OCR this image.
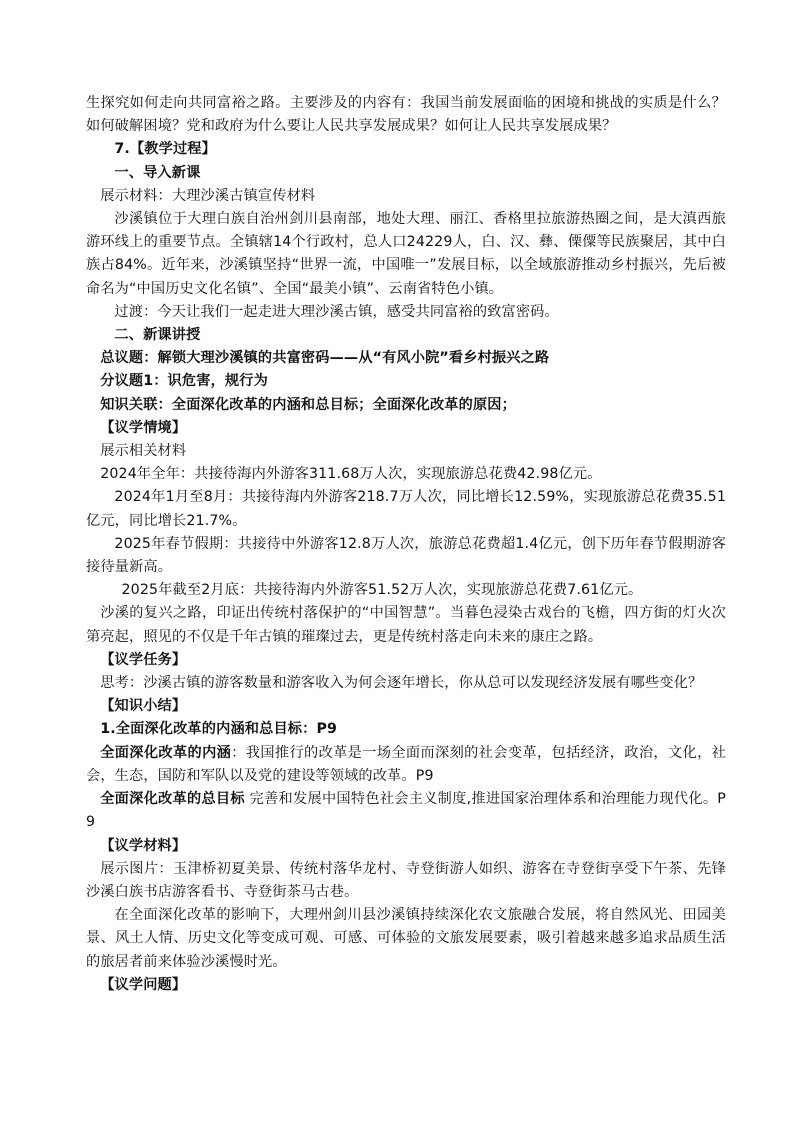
生探究如何走向共同富裕之路。主要涉及的内容有：我国当前发展面临的困境和挑战的实质是什么？如何破解困境？党和政府为什么要让人民共享发展成果？如何让人民共享发展成果？

7.【教学过程】

一、导入新课

展示材料：大理沙溪古镇宣传材料

沙溪镇位于大理白族自治州剑川县南部，地处大理、丽江、香格里拉旅游热圈之间，是大滇西旅游环线上的重要节点。全镇辖14个行政村，总人口24229人，白、汉、彝、傈僳等民族聚居，其中白族占84%。近年来，沙溪镇坚持“世界一流，中国唯一”发展目标，以全域旅游推动乡村振兴，先后被命名为“中国历史文化名镇”、全国“最美小镇”、云南省特色小镇。

过渡：今天让我们一起走进大理沙溪古镇，感受共同富裕的致富密码。

二、新课讲授

总议题：解锁大理沙溪镇的共富密码——从“有风小院”看乡村振兴之路

分议题1：识危害，规行为

知识关联：全面深化改革的内涵和总目标；全面深化改革的原因；

【议学情境】

展示相关材料

2024年全年：共接待海内外游客311.68万人次，实现旅游总花费42.98亿元。

2024年1月至8月：共接待海内外游客218.7万人次，同比增长12.59%，实现旅游总花费35.51亿元，同比增长21.7%。

2025年春节假期：共接待中外游客12.8万人次，旅游总花费超1.4亿元，创下历年春节假期游客接待量新高。

2025年截至2月底：共接待海内外游客51.52万人次，实现旅游总花费7.61亿元。

沙溪的复兴之路，印证出传统村落保护的“中国智慧”。当暮色浸染古戏台的飞檐，四方街的灯火次第亮起，照见的不仅是千年古镇的璀璨过去，更是传统村落走向未来的康庄之路。

【议学任务】

思考：沙溪古镇的游客数量和游客收入为何会逐年增长，你从总可以发现经济发展有哪些变化？

【知识小结】

1.全面深化改革的内涵和总目标：P9

全面深化改革的内涵：我国推行的改革是一场全面而深刻的社会变革，包括经济，政治，文化，社会，生态，国防和军队以及党的建设等领域的改革。P9

全面深化改革的总目标 完善和发展中国特色社会主义制度,推进国家治理体系和治理能力现代化。P9

【议学材料】

展示图片：玉津桥初夏美景、传统村落华龙村、寺登街游人如织、游客在寺登街享受下午茶、先锋沙溪白族书店游客看书、寺登街茶马古巷。

在全面深化改革的影响下，大理州剑川县沙溪镇持续深化农文旅融合发展，将自然风光、田园美景、风土人情、历史文化等变成可观、可感、可体验的文旅发展要素，吸引着越来越多追求品质生活的旅居者前来体验沙溪慢时光。

【议学问题】
